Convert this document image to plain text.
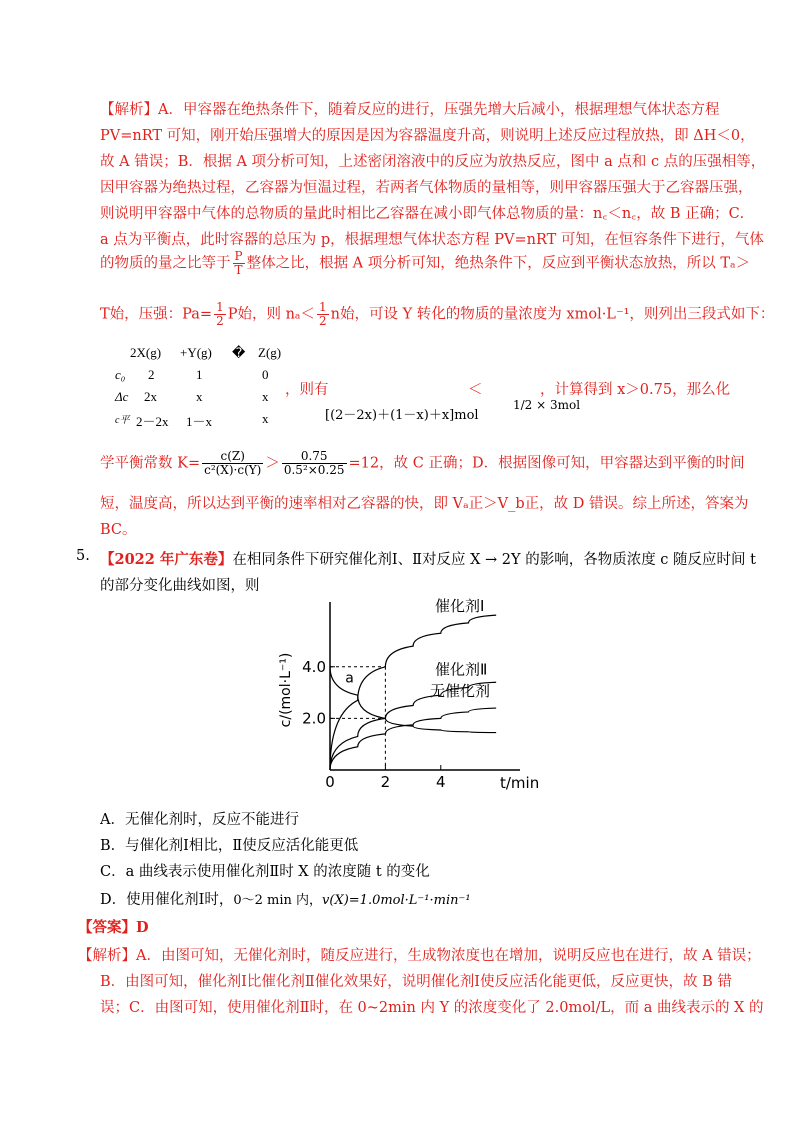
【解析】A．甲容器在绝热条件下，随着反应的进行，压强先增大后减小，根据理想气体状态方程
PV=nRT 可知，刚开始压强增大的原因是因为容器温度升高，则说明上述反应过程放热，即 ΔH＜0，
故 A 错误；B．根据 A 项分析可知，上述密闭溶液中的反应为放热反应，图中 a 点和 c 点的压强相等，
因甲容器为绝热过程，乙容器为恒温过程，若两者气体物质的量相等，则甲容器压强大于乙容器压强，
则说明甲容器中气体的总物质的量此时相比乙容器在减小即气体总物质的量：n꜀＜n꜀，故 B 正确；C．
a 点为平衡点，此时容器的总压为 p，根据理想气体状态方程 PV=nRT 可知，在恒容条件下进行，气体
的物质的量之比等于 $\frac{P}{T}$ 整体之比，根据 A 项分析可知，绝热条件下，反应到平衡状态放热，所以 Tₐ＞
T始，压强：$Pa= \frac{1}{2}$ P始，则 $n_a< \frac{1}{2}$ n始，可设 Y 转化的物质的量浓度为 xmol·L⁻¹，则列出三段式如下：
2X(g) +Y(g) � Z(g)
c₀ 2	1	0
Δc 2x	x	x
c平 2－2x 1－x	x
，则有
[(2－2x)＋(1－x)＋x]mol
＜
1/2 × 3mol
，计算得到 x＞0.75，那么化
学平衡常数 $K= \frac{c(Z)}{\text{c²(X)·c(Y)}} > \frac{0.75}{\text{0.5²×0.25}} =12$，故 C 正确；D．根据图像可知，甲容器达到平衡的时间
短，温度高，所以达到平衡的速率相对乙容器的快，即 Vₐ正＞V_b正，故 D 错误。综上所述，答案为
BC。
5. 【2022 年广东卷】在相同条件下研究催化剂Ⅰ、Ⅱ对反应 X → 2Y 的影响，各物质浓度 c 随反应时间 t
的部分变化曲线如图，则
2.0
4.0
0	2	4
催化剂Ⅰ
催化剂Ⅱ
无催化剂
a
t/min
c/(mol·L⁻¹)
A．无催化剂时，反应不能进行
B．与催化剂Ⅰ相比，Ⅱ使反应活化能更低
C．a 曲线表示使用催化剂Ⅱ时 X 的浓度随 t 的变化
D．使用催化剂Ⅰ时，0～2 min 内，v(X)=1.0mol·L⁻¹·min⁻¹
【答案】D
【解析】A．由图可知，无催化剂时，随反应进行，生成物浓度也在增加，说明反应也在进行，故 A 错误；
B．由图可知，催化剂Ⅰ比催化剂Ⅱ催化效果好，说明催化剂Ⅰ使反应活化能更低，反应更快，故 B 错
误；C．由图可知，使用催化剂Ⅱ时，在 0~2min 内 Y 的浓度变化了 2.0mol/L，而 a 曲线表示的 X 的
